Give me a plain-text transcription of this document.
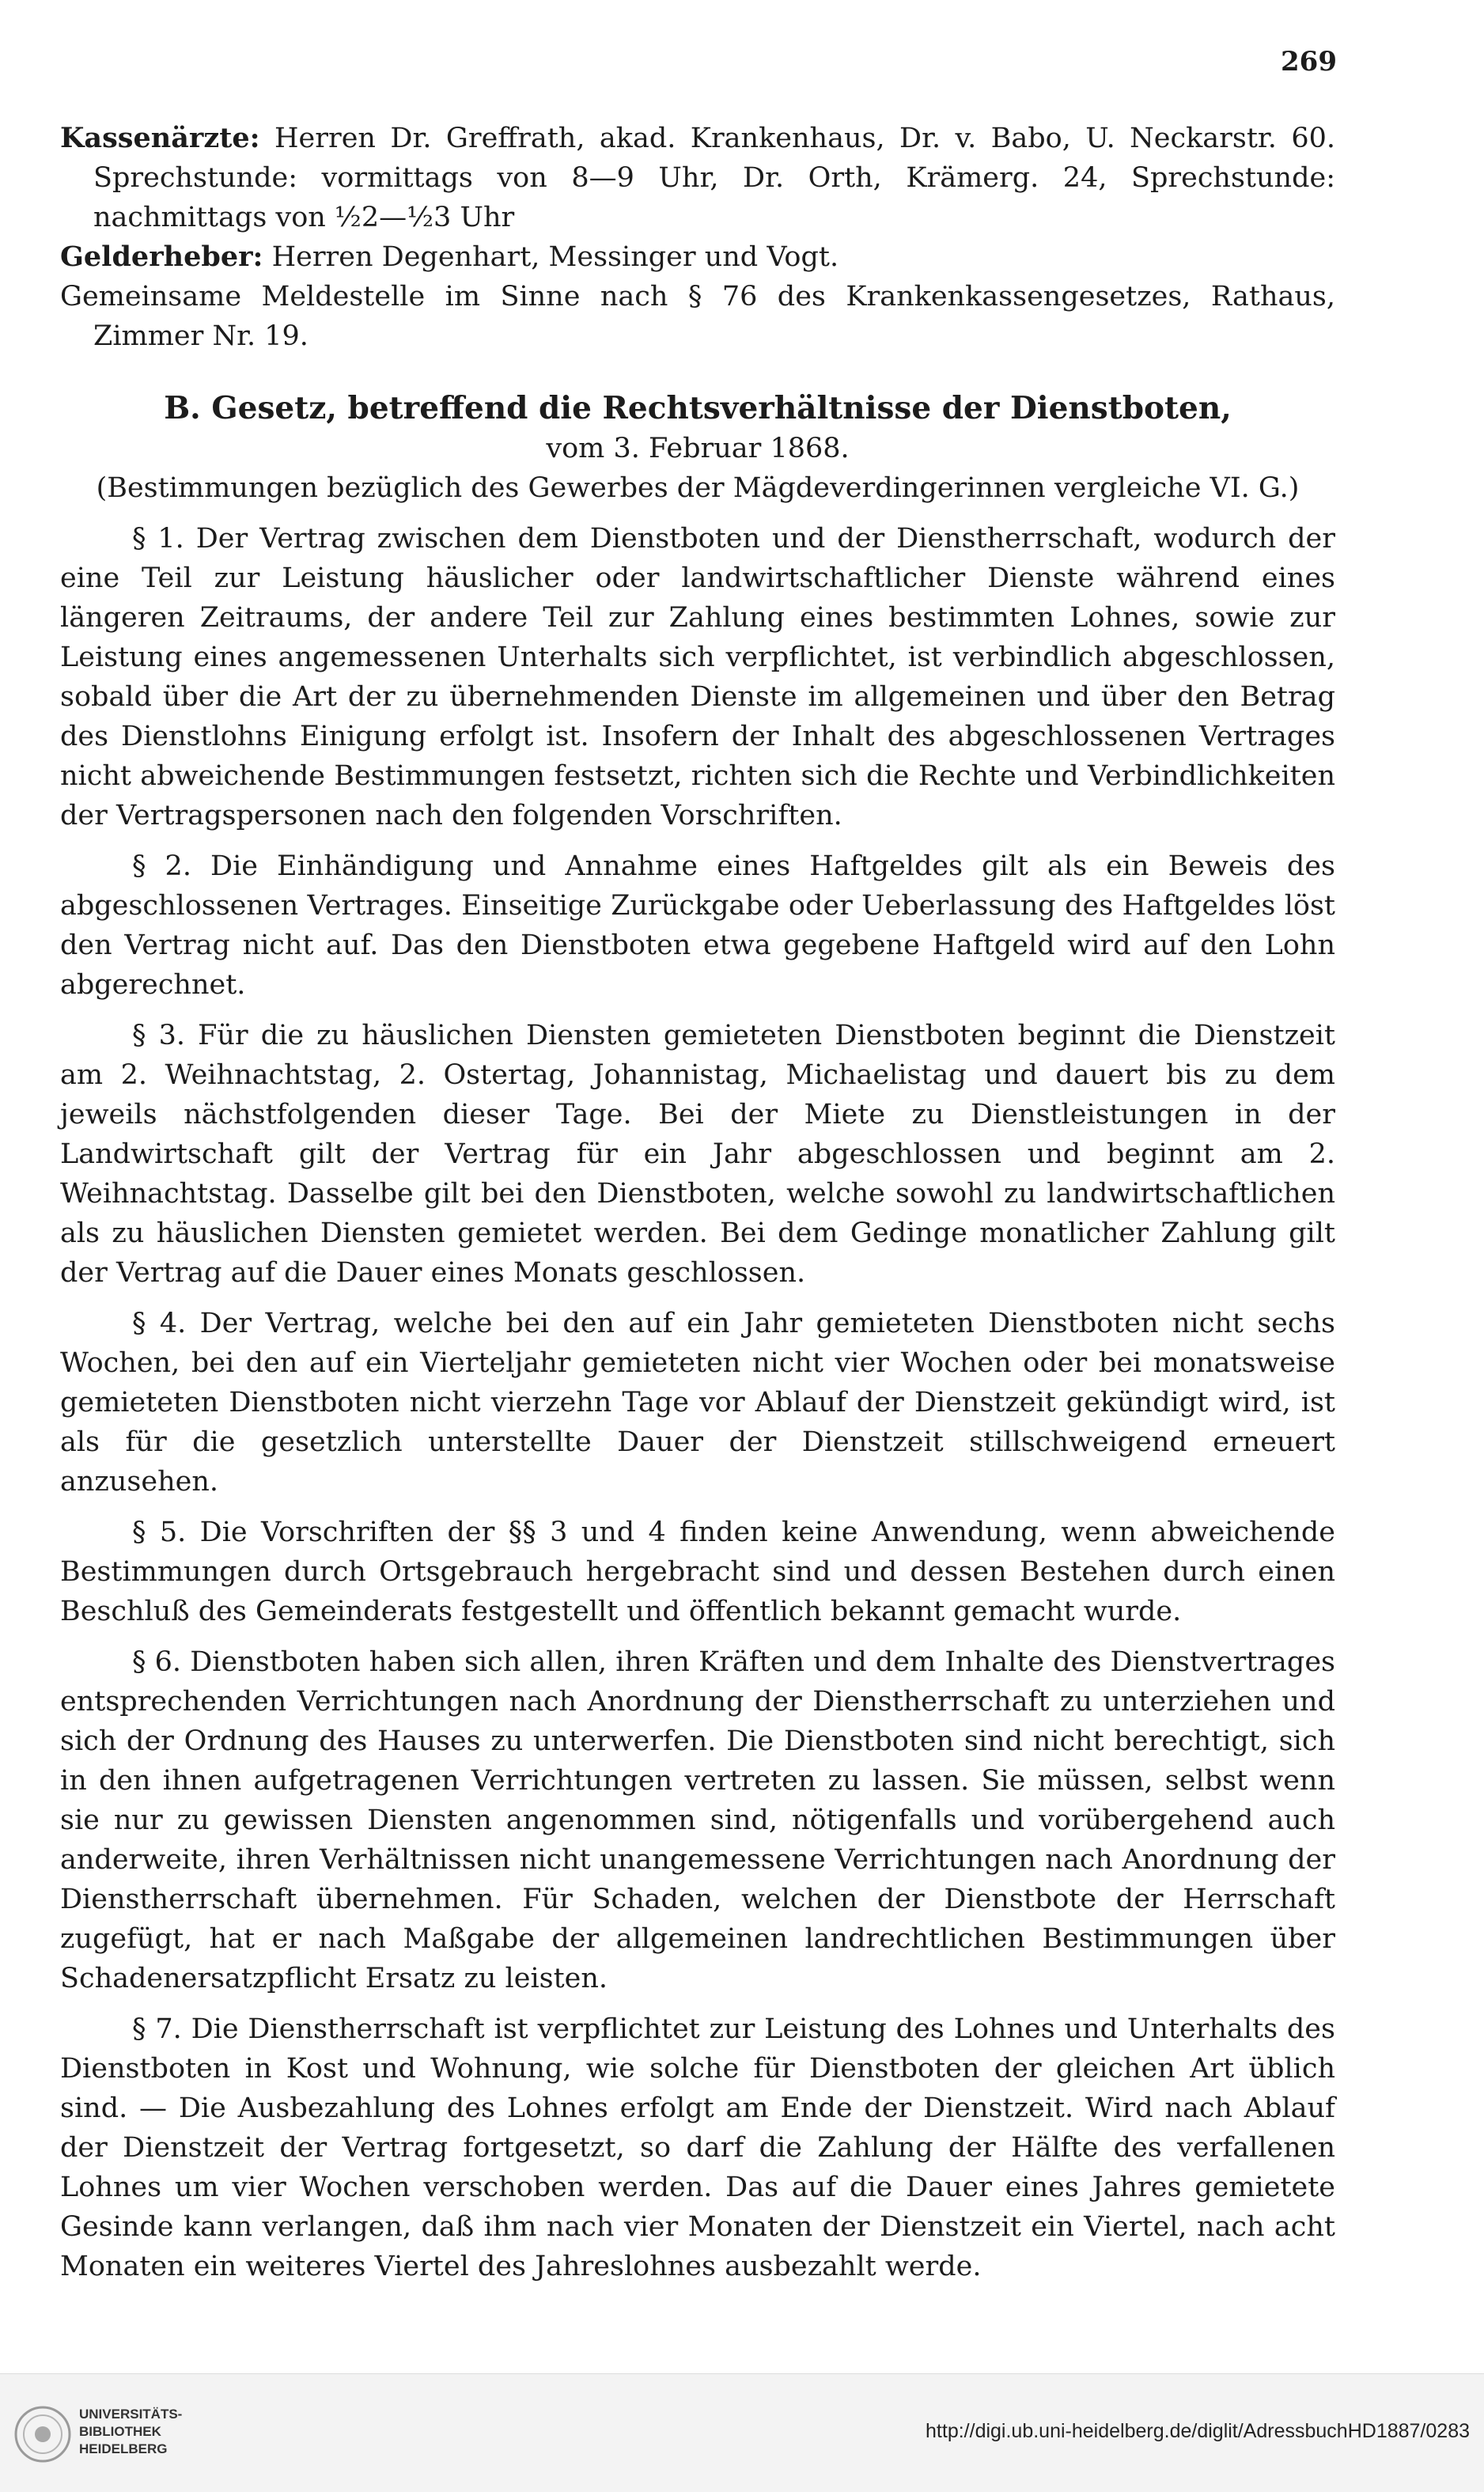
269

Kassenärzte: Herren Dr. Greffrath, akad. Krankenhaus, Dr. v. Babo, U. Neckarstr. 60. Sprechstunde: vormittags von 8—9 Uhr, Dr. Orth, Krämerg. 24, Sprechstunde: nachmittags von ½2—½3 Uhr

Gelderheber: Herren Degenhart, Messinger und Vogt.

Gemeinsame Meldestelle im Sinne nach § 76 des Krankenkassengesetzes, Rathaus, Zimmer Nr. 19.

B. Gesetz, betreffend die Rechtsverhältnisse der Dienstboten,

vom 3. Februar 1868.

(Bestimmungen bezüglich des Gewerbes der Mägdeverdingerinnen vergleiche VI. G.)

§ 1. Der Vertrag zwischen dem Dienstboten und der Dienstherrschaft, wodurch der eine Teil zur Leistung häuslicher oder landwirtschaftlicher Dienste während eines längeren Zeitraums, der andere Teil zur Zahlung eines bestimmten Lohnes, sowie zur Leistung eines angemessenen Unterhalts sich verpflichtet, ist verbindlich abgeschlossen, sobald über die Art der zu übernehmenden Dienste im allgemeinen und über den Betrag des Dienstlohns Einigung erfolgt ist. Insofern der Inhalt des abgeschlossenen Vertrages nicht abweichende Bestimmungen festsetzt, richten sich die Rechte und Verbindlichkeiten der Vertragspersonen nach den folgenden Vorschriften.

§ 2. Die Einhändigung und Annahme eines Haftgeldes gilt als ein Beweis des abgeschlossenen Vertrages. Einseitige Zurückgabe oder Ueberlassung des Haftgeldes löst den Vertrag nicht auf. Das den Dienstboten etwa gegebene Haftgeld wird auf den Lohn abgerechnet.

§ 3. Für die zu häuslichen Diensten gemieteten Dienstboten beginnt die Dienstzeit am 2. Weihnachtstag, 2. Ostertag, Johannistag, Michaelistag und dauert bis zu dem jeweils nächstfolgenden dieser Tage. Bei der Miete zu Dienstleistungen in der Landwirtschaft gilt der Vertrag für ein Jahr abgeschlossen und beginnt am 2. Weihnachtstag. Dasselbe gilt bei den Dienstboten, welche sowohl zu landwirtschaftlichen als zu häuslichen Diensten gemietet werden. Bei dem Gedinge monatlicher Zahlung gilt der Vertrag auf die Dauer eines Monats geschlossen.

§ 4. Der Vertrag, welche bei den auf ein Jahr gemieteten Dienstboten nicht sechs Wochen, bei den auf ein Vierteljahr gemieteten nicht vier Wochen oder bei monatsweise gemieteten Dienstboten nicht vierzehn Tage vor Ablauf der Dienstzeit gekündigt wird, ist als für die gesetzlich unterstellte Dauer der Dienstzeit stillschweigend erneuert anzusehen.

§ 5. Die Vorschriften der §§ 3 und 4 finden keine Anwendung, wenn abweichende Bestimmungen durch Ortsgebrauch hergebracht sind und dessen Bestehen durch einen Beschluß des Gemeinderats festgestellt und öffentlich bekannt gemacht wurde.

§ 6. Dienstboten haben sich allen, ihren Kräften und dem Inhalte des Dienstvertrages entsprechenden Verrichtungen nach Anordnung der Dienstherrschaft zu unterziehen und sich der Ordnung des Hauses zu unterwerfen. Die Dienstboten sind nicht berechtigt, sich in den ihnen aufgetragenen Verrichtungen vertreten zu lassen. Sie müssen, selbst wenn sie nur zu gewissen Diensten angenommen sind, nötigenfalls und vorübergehend auch anderweite, ihren Verhältnissen nicht unangemessene Verrichtungen nach Anordnung der Dienstherrschaft übernehmen. Für Schaden, welchen der Dienstbote der Herrschaft zugefügt, hat er nach Maßgabe der allgemeinen landrechtlichen Bestimmungen über Schadenersatzpflicht Ersatz zu leisten.

§ 7. Die Dienstherrschaft ist verpflichtet zur Leistung des Lohnes und Unterhalts des Dienstboten in Kost und Wohnung, wie solche für Dienstboten der gleichen Art üblich sind. — Die Ausbezahlung des Lohnes erfolgt am Ende der Dienstzeit. Wird nach Ablauf der Dienstzeit der Vertrag fortgesetzt, so darf die Zahlung der Hälfte des verfallenen Lohnes um vier Wochen verschoben werden. Das auf die Dauer eines Jahres gemietete Gesinde kann verlangen, daß ihm nach vier Monaten der Dienstzeit ein Viertel, nach acht Monaten ein weiteres Viertel des Jahreslohnes ausbezahlt werde.

UNIVERSITÄTS-
BIBLIOTHEK
HEIDELBERG
http://digi.ub.uni-heidelberg.de/diglit/AdressbuchHD1887/0283
